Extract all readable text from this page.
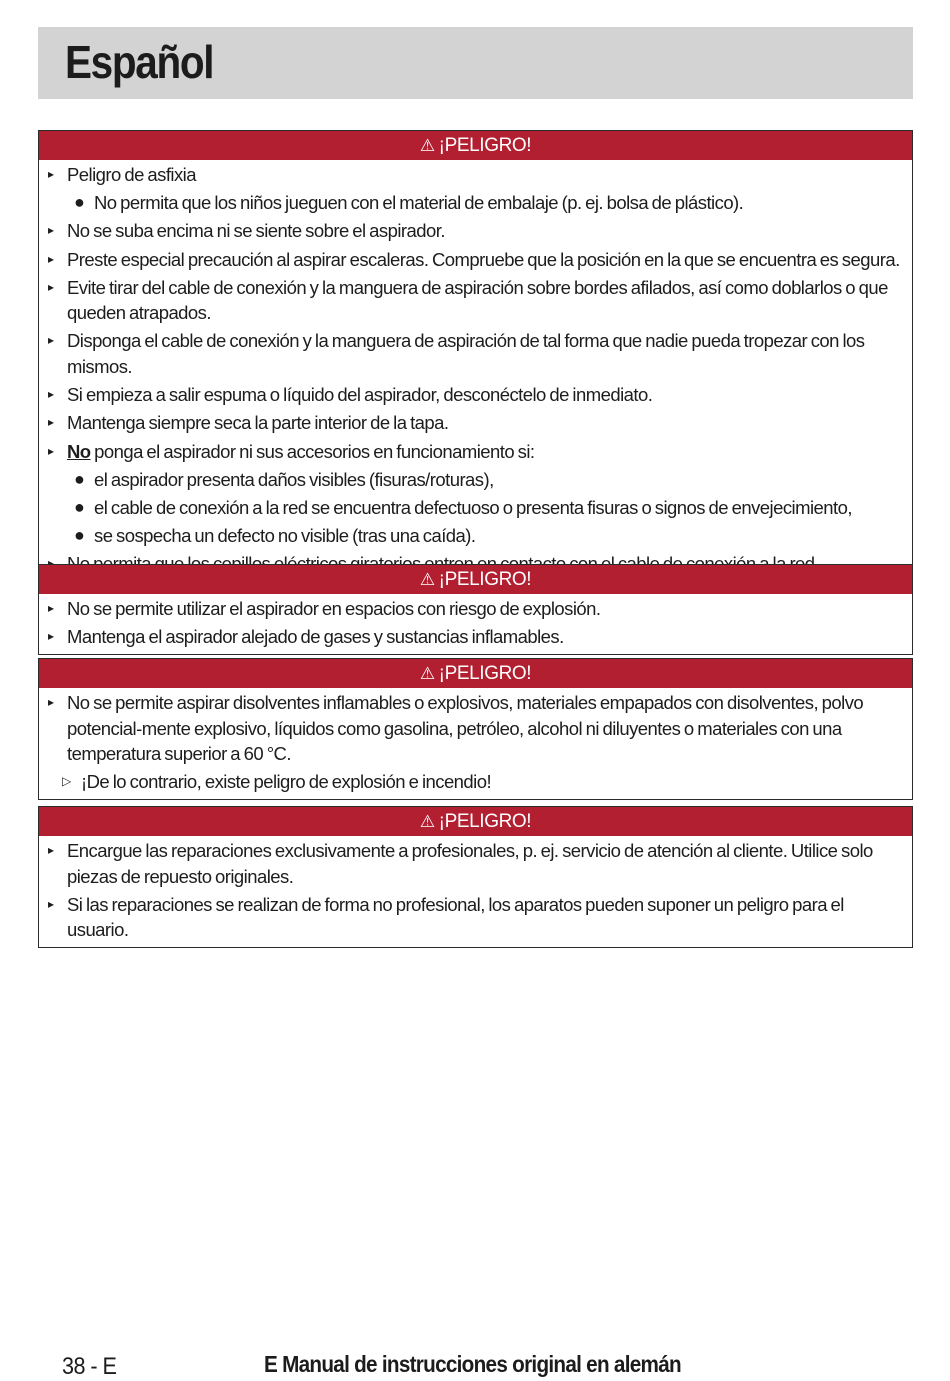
Español
⚠ ¡PELIGRO!
▸ Peligro de asfixia
● No permita que los niños jueguen con el material de embalaje (p. ej. bolsa de plástico).
▸ No se suba encima ni se siente sobre el aspirador.
▸ Preste especial precaución al aspirar escaleras. Compruebe que la posición en la que se encuentra es segura.
▸ Evite tirar del cable de conexión y la manguera de aspiración sobre bordes afilados, así como doblarlos o que queden atrapados.
▸ Disponga el cable de conexión y la manguera de aspiración de tal forma que nadie pueda tropezar con los mismos.
▸ Si empieza a salir espuma o líquido del aspirador, desconéctelo de inmediato.
▸ Mantenga siempre seca la parte interior de la tapa.
▸ No ponga el aspirador ni sus accesorios en funcionamiento si:
● el aspirador presenta daños visibles (fisuras/roturas),
● el cable de conexión a la red se encuentra defectuoso o presenta fisuras o signos de envejecimiento,
● se sospecha un defecto no visible (tras una caída).
⚠ ¡PELIGRO!
▸ No se permite utilizar el aspirador en espacios con riesgo de explosión.
▸ Mantenga el aspirador alejado de gases y sustancias inflamables.
⚠ ¡PELIGRO!
▸ No se permite aspirar disolventes inflamables o explosivos, materiales empapados con disolventes, polvo potencial-mente explosivo, líquidos como gasolina, petróleo, alcohol ni diluyentes o materiales con una temperatura superior a 60 °C.
▷ ¡De lo contrario, existe peligro de explosión e incendio!
⚠ ¡PELIGRO!
▸ Encargue las reparaciones exclusivamente a profesionales, p. ej. servicio de atención al cliente. Utilice solo piezas de repuesto originales.
▸ Si las reparaciones se realizan de forma no profesional, los aparatos pueden suponer un peligro para el usuario.
38 - E	E Manual de instrucciones original en alemán
